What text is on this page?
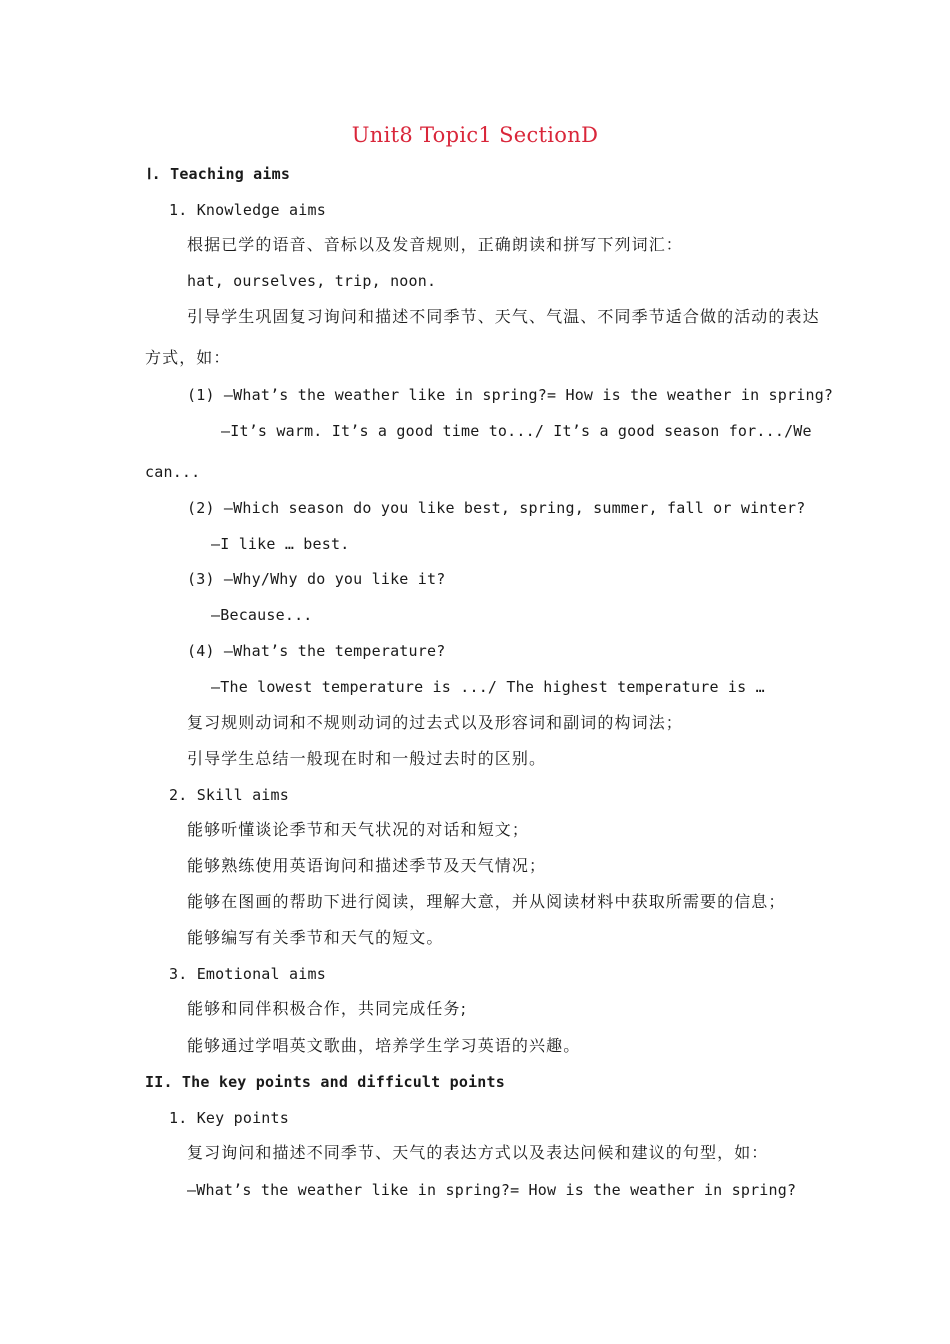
Unit8 Topic1 SectionD
Ⅰ. Teaching aims
1. Knowledge aims
根据已学的语音、音标以及发音规则，正确朗读和拼写下列词汇：
hat, ourselves, trip, noon.
引导学生巩固复习询问和描述不同季节、天气、气温、不同季节适合做的活动的表达
方式，如：
(1) —What’s the weather like in spring?= How is the weather in spring?
—It’s warm. It’s a good time to.../ It’s a good season for.../We
can...
(2) —Which season do you like best, spring, summer, fall or winter?
—I like … best.
(3) —Why/Why do you like it?
—Because...
(4) —What’s the temperature?
—The lowest temperature is .../ The highest temperature is …
复习规则动词和不规则动词的过去式以及形容词和副词的构词法；
引导学生总结一般现在时和一般过去时的区别。
2. Skill aims
能够听懂谈论季节和天气状况的对话和短文；
能够熟练使用英语询问和描述季节及天气情况；
能够在图画的帮助下进行阅读，理解大意，并从阅读材料中获取所需要的信息；
能够编写有关季节和天气的短文。
3. Emotional aims
能够和同伴积极合作，共同完成任务;
能够通过学唱英文歌曲，培养学生学习英语的兴趣。
II. The key points and difficult points
1. Key points
复习询问和描述不同季节、天气的表达方式以及表达问候和建议的句型，如：
—What’s the weather like in spring?= How is the weather in spring?
